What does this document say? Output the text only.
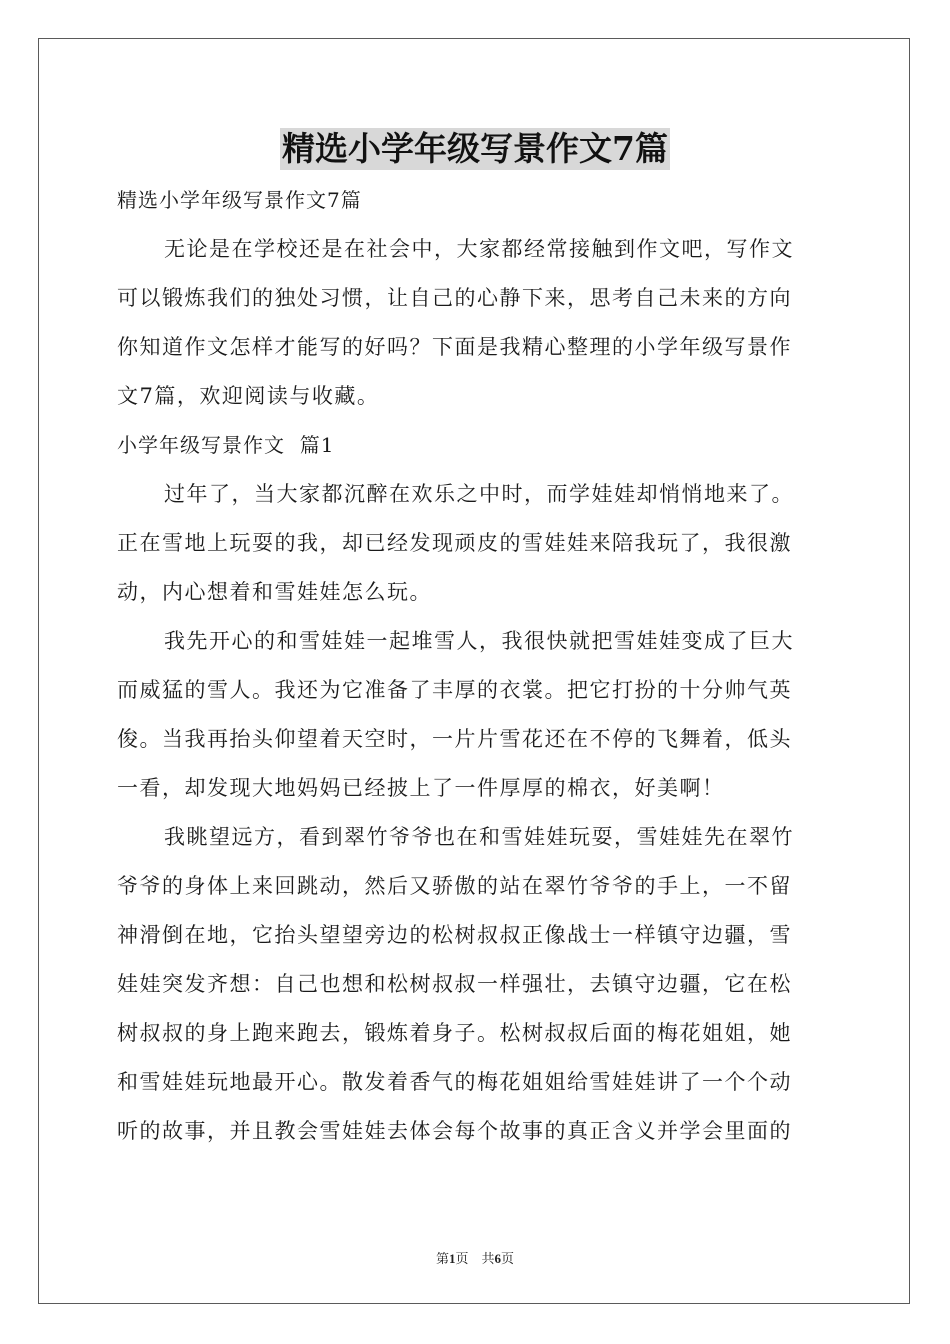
精选小学年级写景作文7篇

精选小学年级写景作文7篇

无论是在学校还是在社会中，大家都经常接触到作文吧，写作文

可以锻炼我们的独处习惯，让自己的心静下来，思考自己未来的方向

你知道作文怎样才能写的好吗？下面是我精心整理的小学年级写景作

文7篇，欢迎阅读与收藏。

小学年级写景作文  篇1

过年了，当大家都沉醉在欢乐之中时，而学娃娃却悄悄地来了。

正在雪地上玩耍的我，却已经发现顽皮的雪娃娃来陪我玩了，我很激

动，内心想着和雪娃娃怎么玩。

我先开心的和雪娃娃一起堆雪人，我很快就把雪娃娃变成了巨大

而威猛的雪人。我还为它准备了丰厚的衣裳。把它打扮的十分帅气英

俊。当我再抬头仰望着天空时，一片片雪花还在不停的飞舞着，低头

一看，却发现大地妈妈已经披上了一件厚厚的棉衣，好美啊！

我眺望远方，看到翠竹爷爷也在和雪娃娃玩耍，雪娃娃先在翠竹

爷爷的身体上来回跳动，然后又骄傲的站在翠竹爷爷的手上，一不留

神滑倒在地，它抬头望望旁边的松树叔叔正像战士一样镇守边疆，雪

娃娃突发齐想：自己也想和松树叔叔一样强壮，去镇守边疆，它在松

树叔叔的身上跑来跑去，锻炼着身子。松树叔叔后面的梅花姐姐，她

和雪娃娃玩地最开心。散发着香气的梅花姐姐给雪娃娃讲了一个个动

听的故事，并且教会雪娃娃去体会每个故事的真正含义并学会里面的

第1页 共6页
